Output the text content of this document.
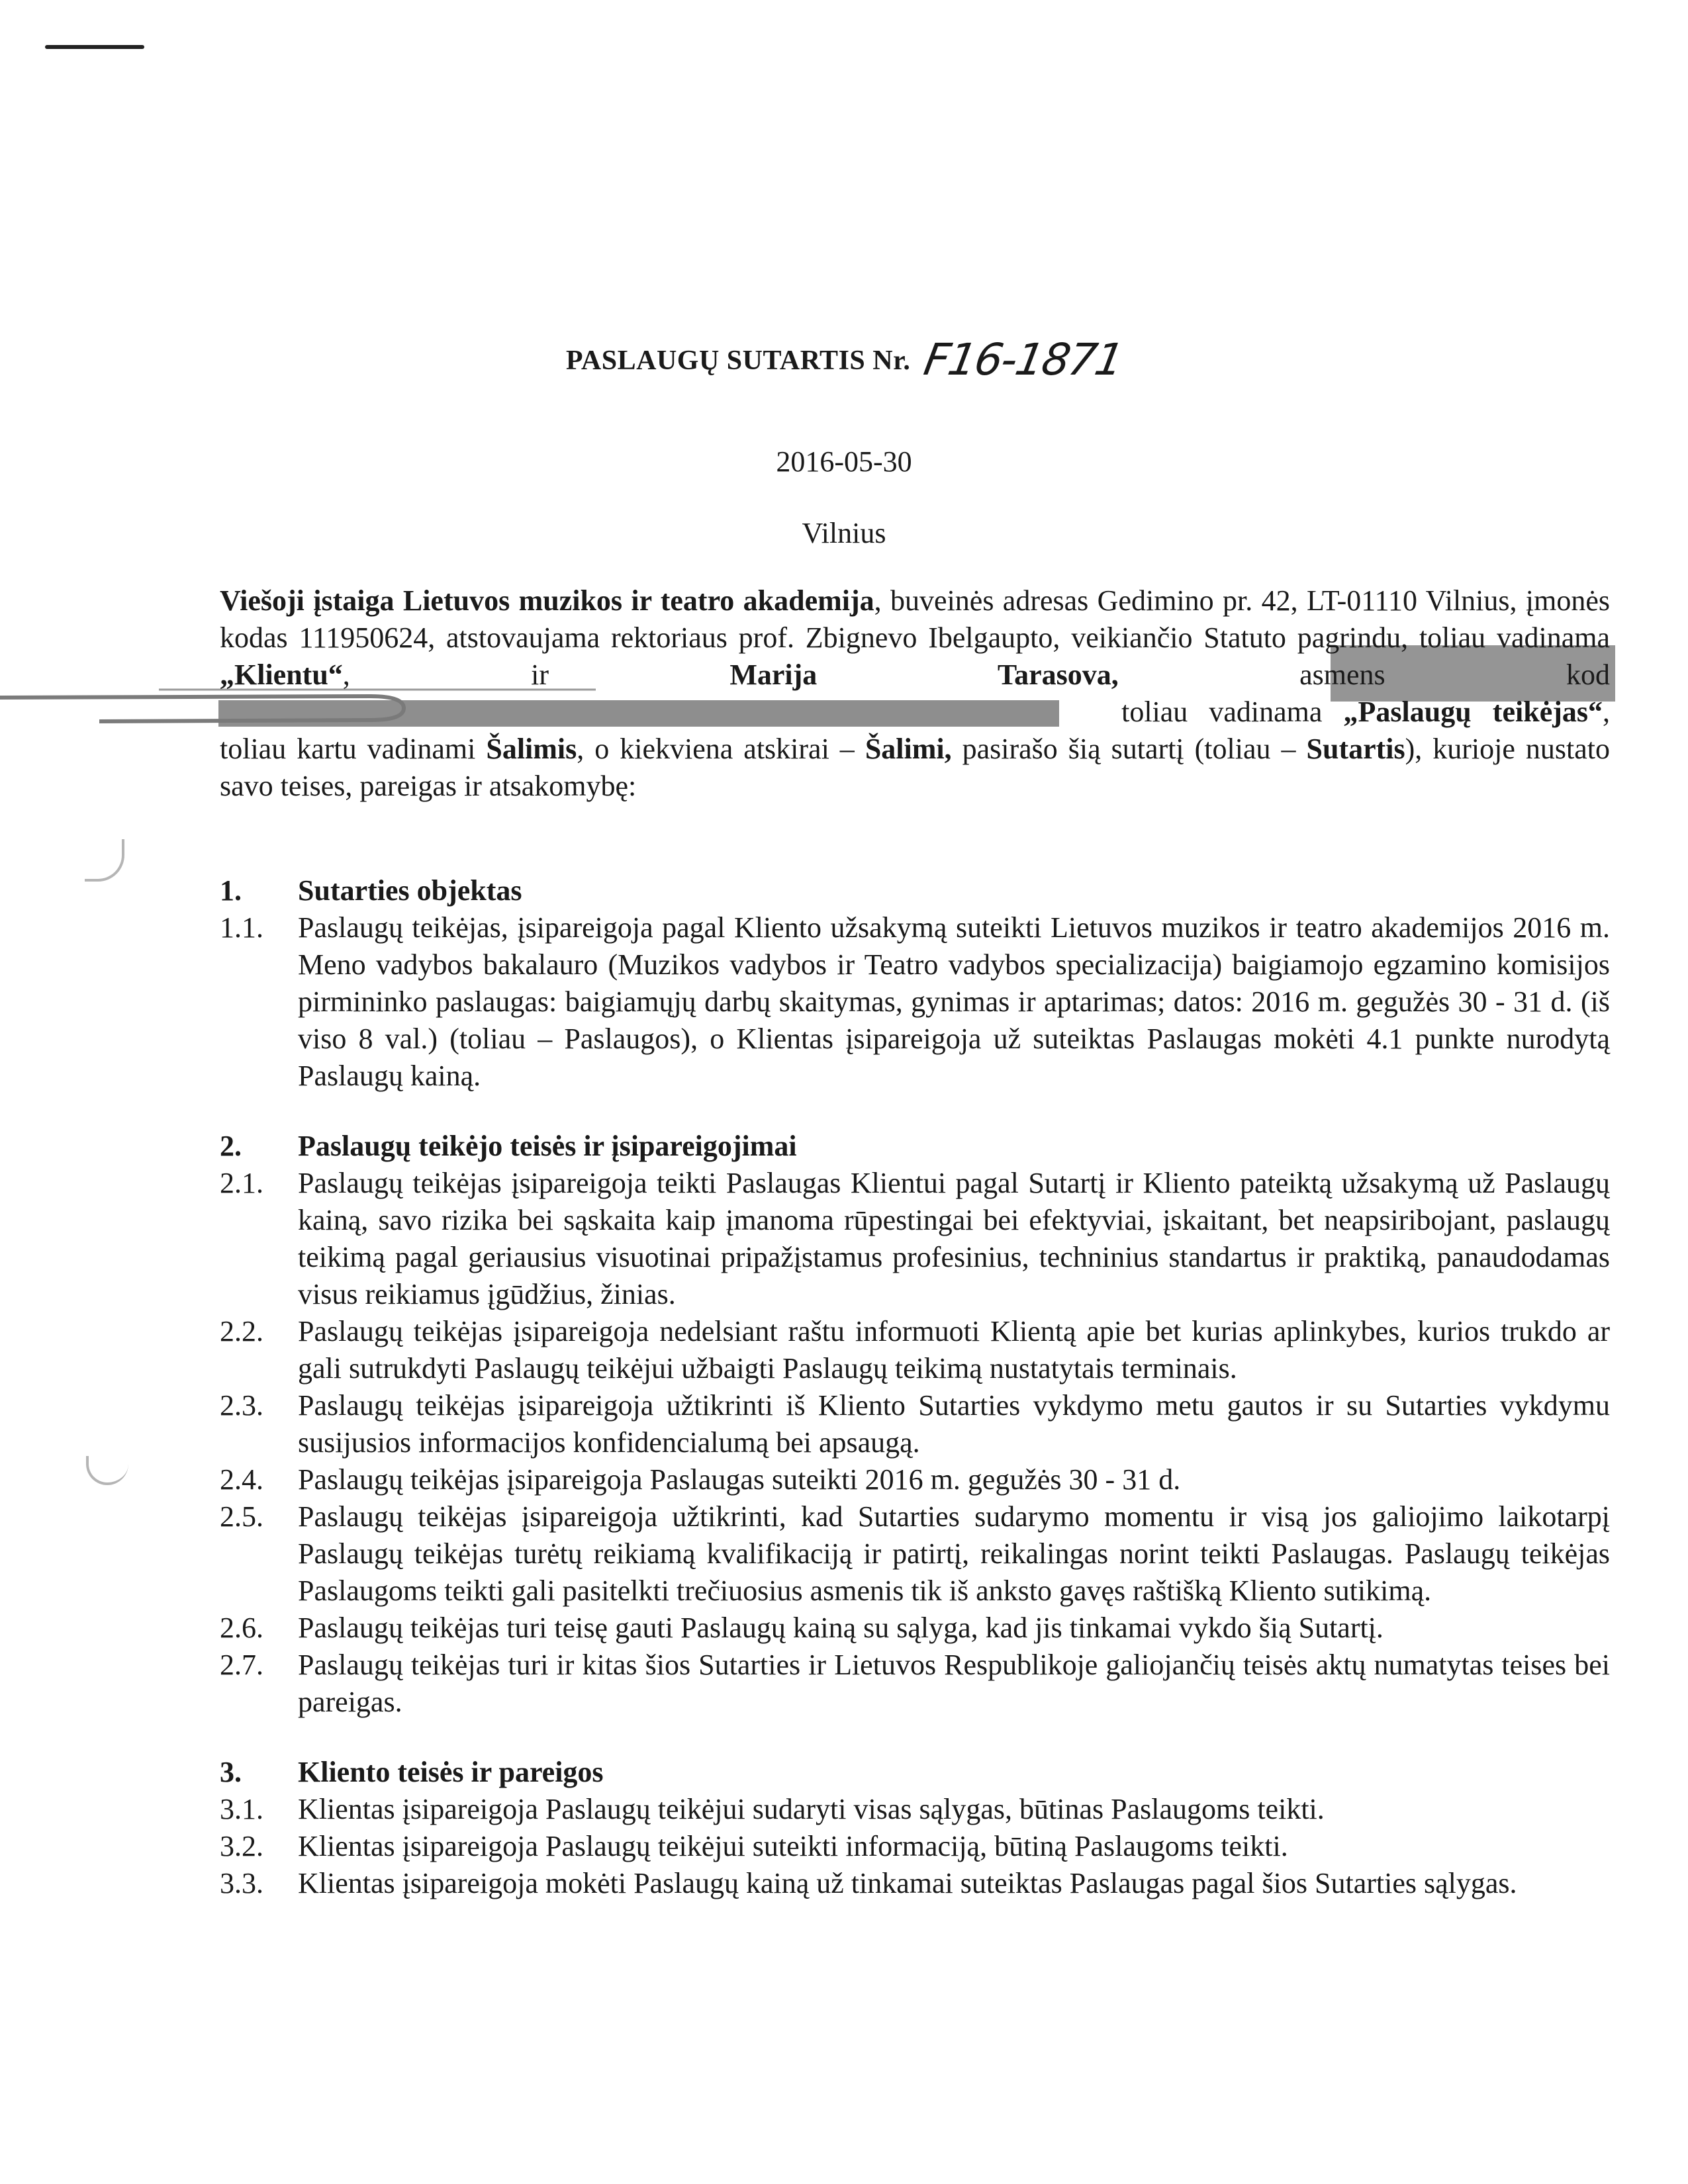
PASLAUGŲ SUTARTIS Nr. F16-1871
2016-05-30
Vilnius
Viešoji įstaiga Lietuvos muzikos ir teatro akademija, buveinės adresas Gedimino pr. 42, LT-01110 Vilnius, įmonės kodas 111950624, atstovaujama rektoriaus prof. Zbignevo Ibelgaupto, veikiančio Statuto pagrindu, toliau vadinama „Klientu“, ir Marija Tarasova, asmens kod toliau vadinama „Paslaugų teikėjas“, toliau kartu vadinami Šalimis, o kiekviena atskirai – Šalimi, pasirašo šią sutartį (toliau – Sutartis), kurioje nustato savo teises, pareigas ir atsakomybę:
1.	Sutarties objektas
1.1.	Paslaugų teikėjas, įsipareigoja pagal Kliento užsakymą suteikti Lietuvos muzikos ir teatro akademijos 2016 m. Meno vadybos bakalauro (Muzikos vadybos ir Teatro vadybos specializacija) baigiamojo egzamino komisijos pirmininko paslaugas: baigiamųjų darbų skaitymas, gynimas ir aptarimas; datos: 2016 m. gegužės 30 - 31 d. (iš viso 8 val.) (toliau – Paslaugos), o Klientas įsipareigoja už suteiktas Paslaugas mokėti 4.1 punkte nurodytą Paslaugų kainą.
2.	Paslaugų teikėjo teisės ir įsipareigojimai
2.1.	Paslaugų teikėjas įsipareigoja teikti Paslaugas Klientui pagal Sutartį ir Kliento pateiktą užsakymą už Paslaugų kainą, savo rizika bei sąskaita kaip įmanoma rūpestingai bei efektyviai, įskaitant, bet neapsiribojant, paslaugų teikimą pagal geriausius visuotinai pripažįstamus profesinius, techninius standartus ir praktiką, panaudodamas visus reikiamus įgūdžius, žinias.
2.2.	Paslaugų teikėjas įsipareigoja nedelsiant raštu informuoti Klientą apie bet kurias aplinkybes, kurios trukdo ar gali sutrukdyti Paslaugų teikėjui užbaigti Paslaugų teikimą nustatytais terminais.
2.3.	Paslaugų teikėjas įsipareigoja užtikrinti iš Kliento Sutarties vykdymo metu gautos ir su Sutarties vykdymu susijusios informacijos konfidencialumą bei apsaugą.
2.4.	Paslaugų teikėjas įsipareigoja Paslaugas suteikti 2016 m. gegužės 30 - 31 d.
2.5.	Paslaugų teikėjas įsipareigoja užtikrinti, kad Sutarties sudarymo momentu ir visą jos galiojimo laikotarpį Paslaugų teikėjas turėtų reikiamą kvalifikaciją ir patirtį, reikalingas norint teikti Paslaugas. Paslaugų teikėjas Paslaugoms teikti gali pasitelkti trečiuosius asmenis tik iš anksto gavęs raštišką Kliento sutikimą.
2.6.	Paslaugų teikėjas turi teisę gauti Paslaugų kainą su sąlyga, kad jis tinkamai vykdo šią Sutartį.
2.7.	Paslaugų teikėjas turi ir kitas šios Sutarties ir Lietuvos Respublikoje galiojančių teisės aktų numatytas teises bei pareigas.
3.	Kliento teisės ir pareigos
3.1.	Klientas įsipareigoja Paslaugų teikėjui sudaryti visas sąlygas, būtinas Paslaugoms teikti.
3.2.	Klientas įsipareigoja Paslaugų teikėjui suteikti informaciją, būtiną Paslaugoms teikti.
3.3.	Klientas įsipareigoja mokėti Paslaugų kainą už tinkamai suteiktas Paslaugas pagal šios Sutarties sąlygas.
